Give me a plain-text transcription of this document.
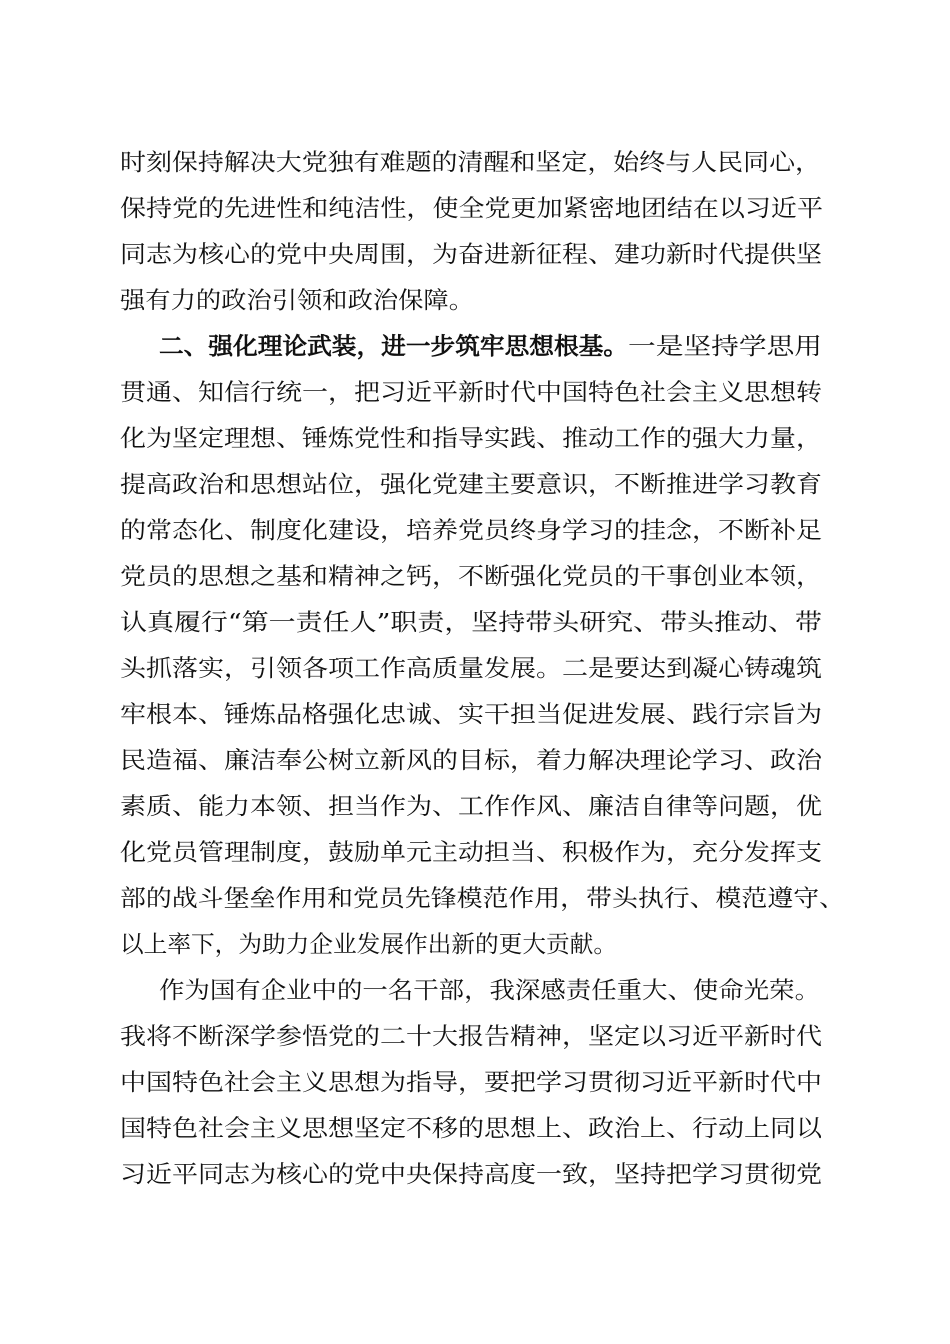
时刻保持解决大党独有难题的清醒和坚定，始终与人民同心，
保持党的先进性和纯洁性，使全党更加紧密地团结在以习近平
同志为核心的党中央周围，为奋进新征程、建功新时代提供坚
强有力的政治引领和政治保障。
二、强化理论武装，进一步筑牢思想根基。 一是坚持学思用
贯通、知信行统一，把习近平新时代中国特色社会主义思想转
化为坚定理想、锤炼党性和指导实践、推动工作的强大力量，
提高政治和思想站位，强化党建主要意识，不断推进学习教育
的常态化、制度化建设，培养党员终身学习的挂念，不断补足
党员的思想之基和精神之钙，不断强化党员的干事创业本领，
认真履行“第一责任人”职责，坚持带头研究、带头推动、带
头抓落实，引领各项工作高质量发展。二是要达到凝心铸魂筑
牢根本、锤炼品格强化忠诚、实干担当促进发展、践行宗旨为
民造福、廉洁奉公树立新风的目标，着力解决理论学习、政治
素质、能力本领、担当作为、工作作风、廉洁自律等问题，优
化党员管理制度，鼓励单元主动担当、积极作为，充分发挥支
部的战斗堡垒作用和党员先锋模范作用，带头执行、模范遵守、
以上率下，为助力企业发展作出新的更大贡献。
作为国有企业中的一名干部，我深感责任重大、使命光荣。
我将不断深学参悟党的二十大报告精神，坚定以习近平新时代
中国特色社会主义思想为指导，要把学习贯彻习近平新时代中
国特色社会主义思想坚定不移的思想上、政治上、行动上同以
习近平同志为核心的党中央保持高度一致，坚持把学习贯彻党
